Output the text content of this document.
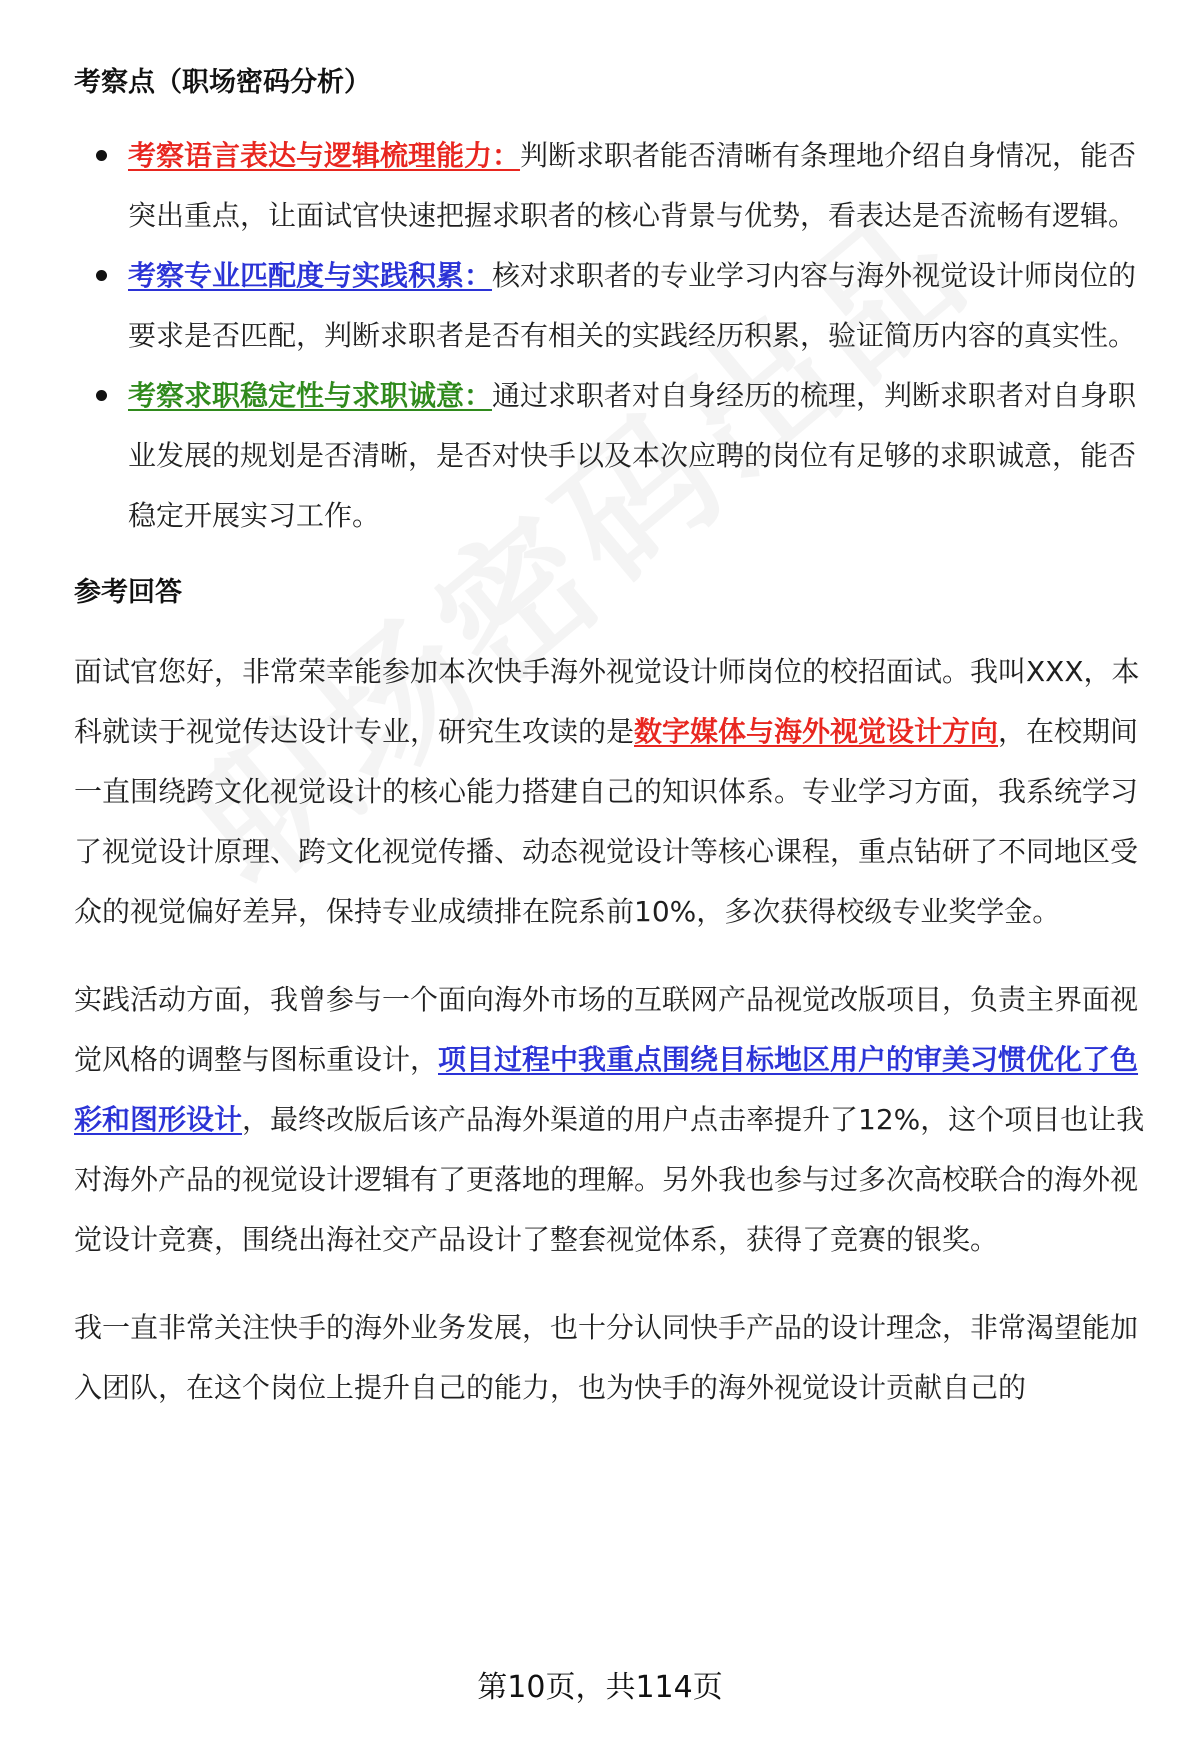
考察点（职场密码分析）
考察语言表达与逻辑梳理能力：判断求职者能否清晰有条理地介绍自身情况，能否突出重点，让面试官快速把握求职者的核心背景与优势，看表达是否流畅有逻辑。
考察专业匹配度与实践积累：核对求职者的专业学习内容与海外视觉设计师岗位的要求是否匹配，判断求职者是否有相关的实践经历积累，验证简历内容的真实性。
考察求职稳定性与求职诚意：通过求职者对自身经历的梳理，判断求职者对自身职业发展的规划是否清晰，是否对快手以及本次应聘的岗位有足够的求职诚意，能否稳定开展实习工作。
参考回答

面试官您好，非常荣幸能参加本次快手海外视觉设计师岗位的校招面试。我叫XXX，本科就读于视觉传达设计专业，研究生攻读的是数字媒体与海外视觉设计方向，在校期间一直围绕跨文化视觉设计的核心能力搭建自己的知识体系。专业学习方面，我系统学习了视觉设计原理、跨文化视觉传播、动态视觉设计等核心课程，重点钻研了不同地区受众的视觉偏好差异，保持专业成绩排在院系前10%，多次获得校级专业奖学金。

实践活动方面，我曾参与一个面向海外市场的互联网产品视觉改版项目，负责主界面视觉风格的调整与图标重设计，项目过程中我重点围绕目标地区用户的审美习惯优化了色彩和图形设计，最终改版后该产品海外渠道的用户点击率提升了12%，这个项目也让我对海外产品的视觉设计逻辑有了更落地的理解。另外我也参与过多次高校联合的海外视觉设计竞赛，围绕出海社交产品设计了整套视觉体系，获得了竞赛的银奖。

我一直非常关注快手的海外业务发展，也十分认同快手产品的设计理念，非常渴望能加入团队，在这个岗位上提升自己的能力，也为快手的海外视觉设计贡献自己的

第10页，共114页
